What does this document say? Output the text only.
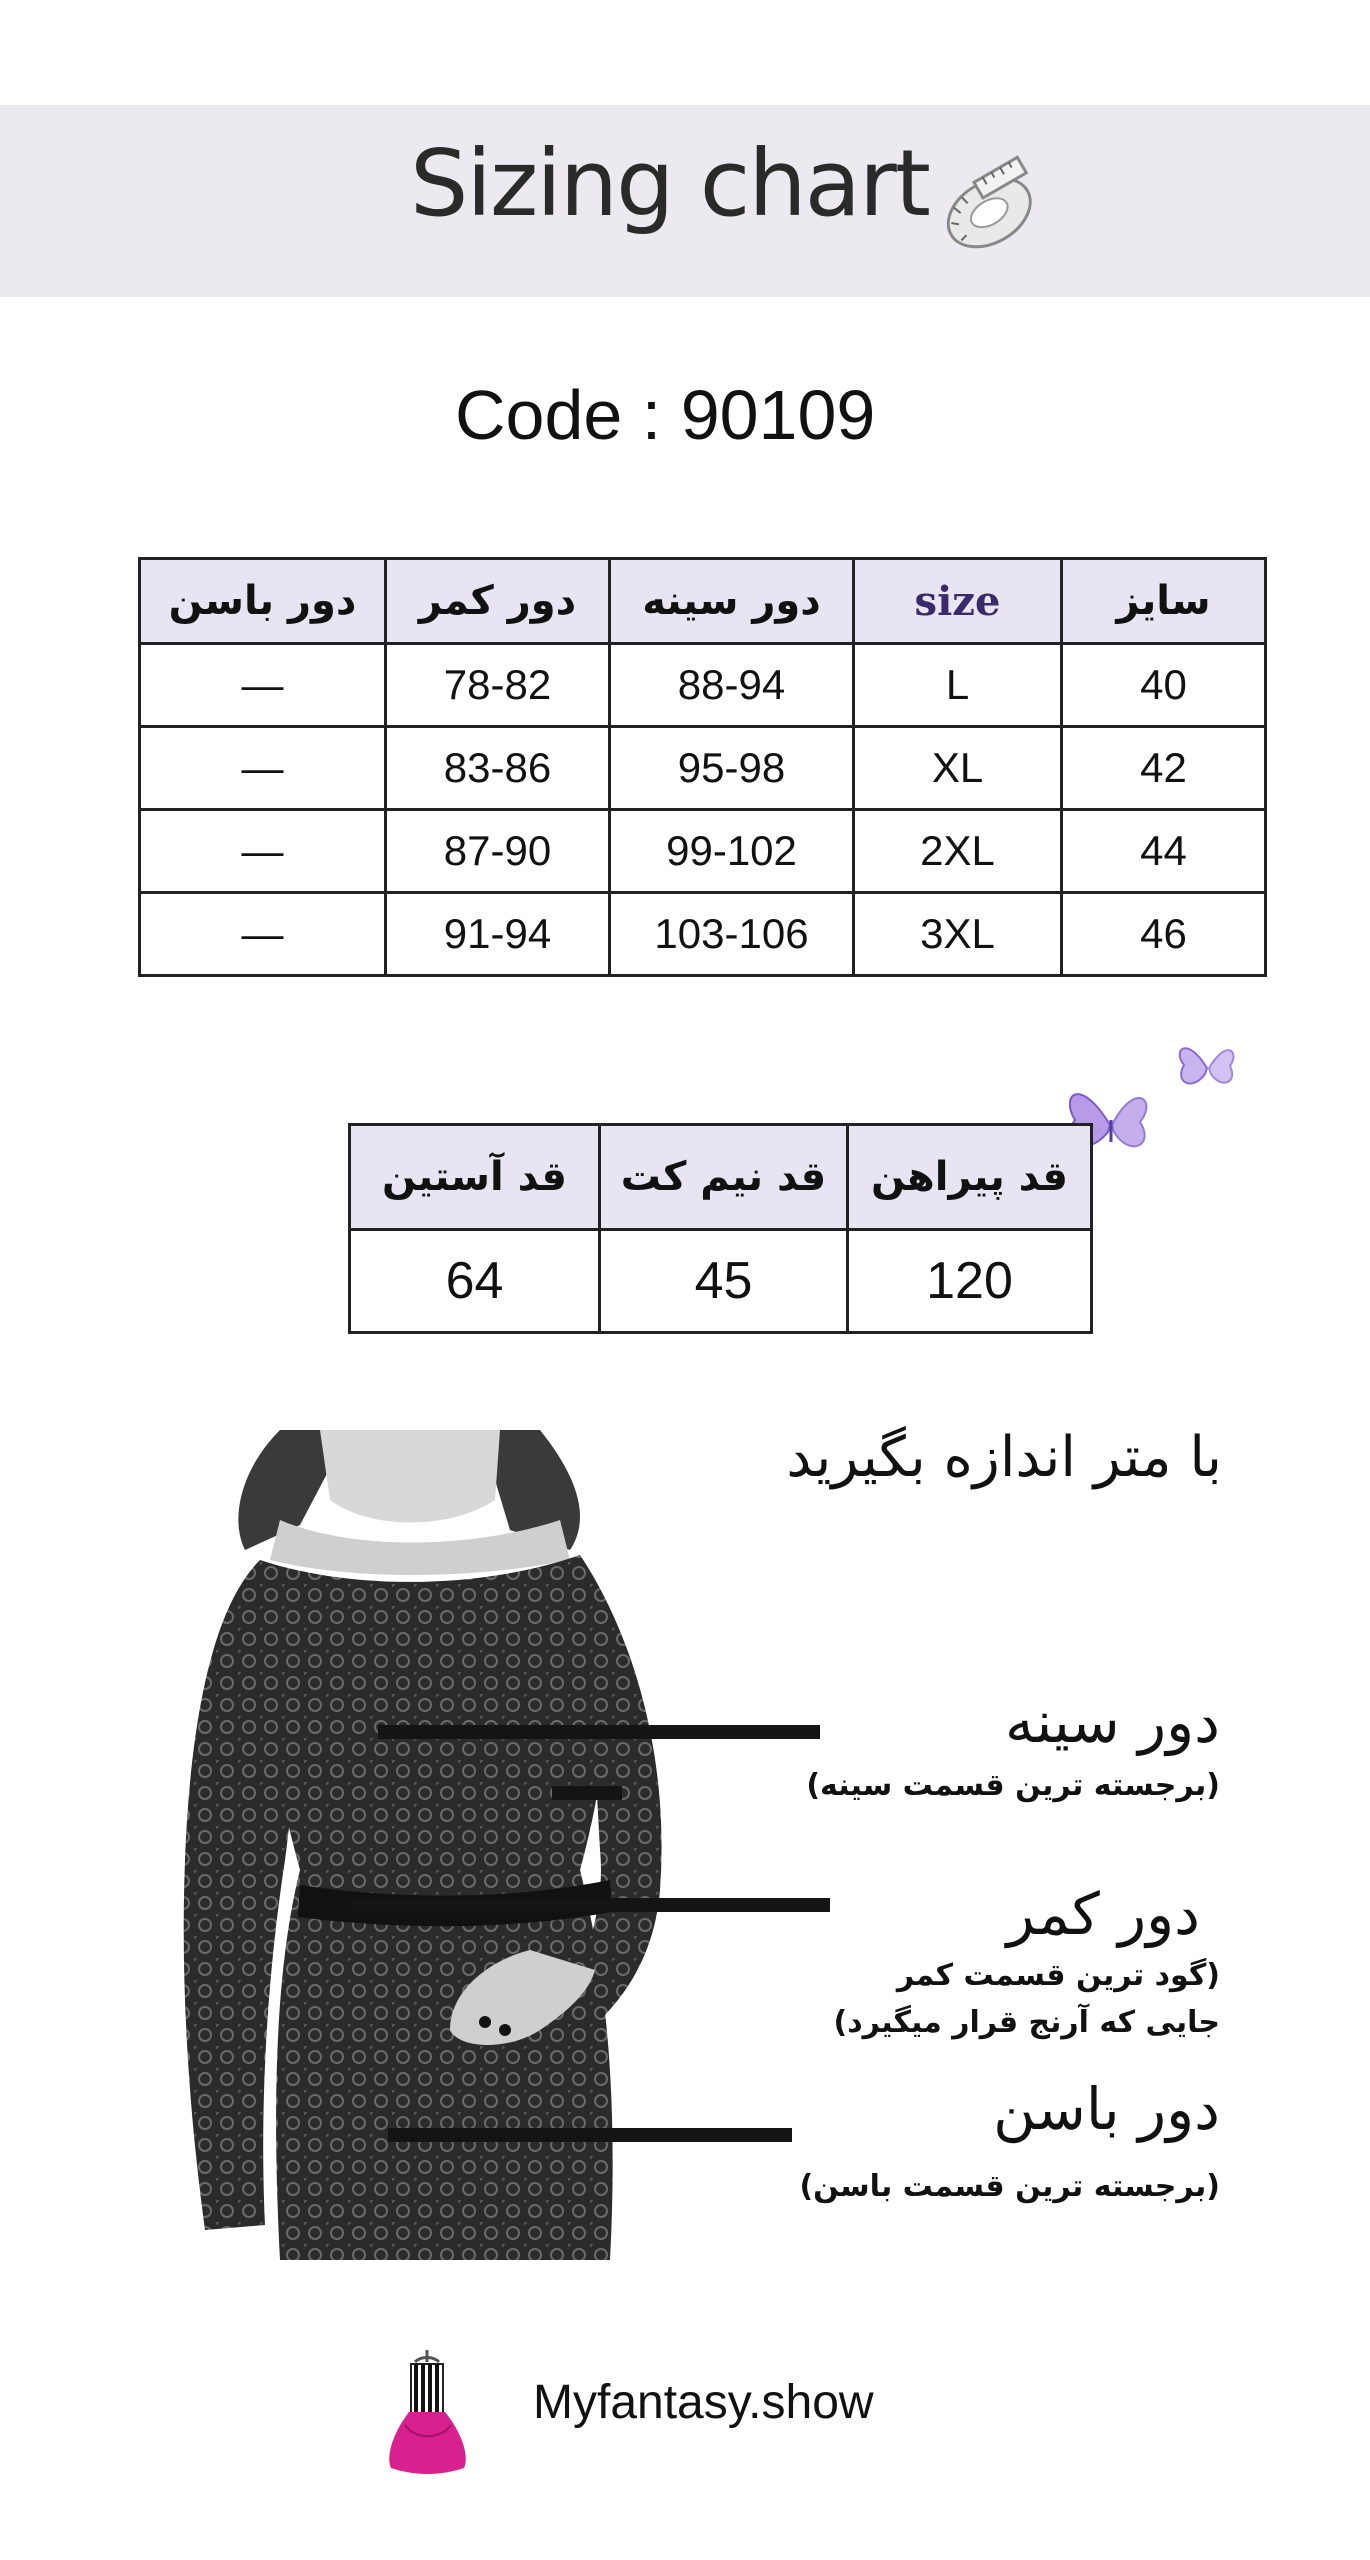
Sizing chart
Code : 90109
دور باسن	دور کمر	دور سینه	size	سایز
—	78-82	88-94	L	40
—	83-86	95-98	XL	42
—	87-90	99-102	2XL	44
—	91-94	103-106	3XL	46
قد آستین	قد نیم کت	قد پیراهن
64	45	120
با متر اندازه بگیرید
دور سینه
(برجسته ترین قسمت سینه)
دور کمر
(گود ترین قسمت کمر
جایی که آرنج قرار میگیرد)
دور باسن
(برجسته ترین قسمت باسن)
Myfantasy.show
